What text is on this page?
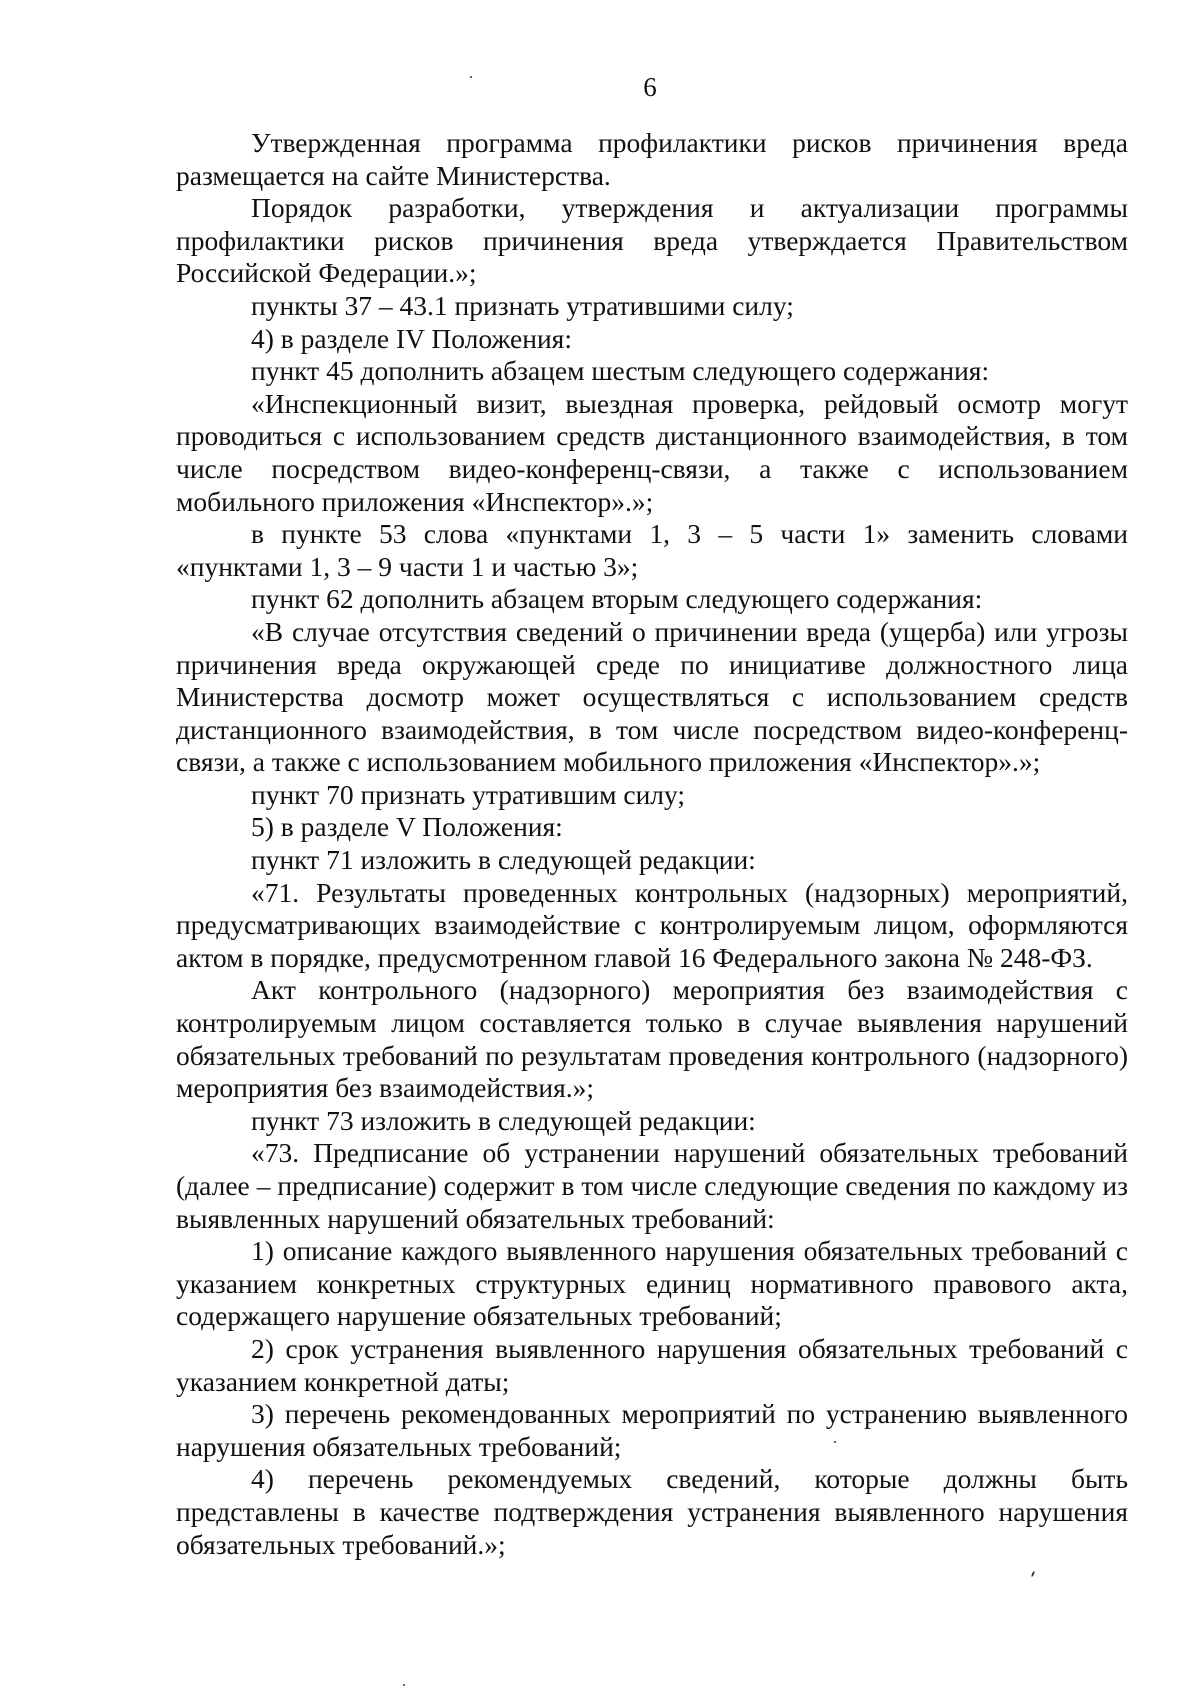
6

Утвержденная программа профилактики рисков причинения вреда размещается на сайте Министерства.

Порядок разработки, утверждения и актуализации программы профилактики рисков причинения вреда утверждается Правительством Российской Федерации.»;

пункты 37 – 43.1 признать утратившими силу;

4) в разделе IV Положения:

пункт 45 дополнить абзацем шестым следующего содержания:

«Инспекционный визит, выездная проверка, рейдовый осмотр могут проводиться с использованием средств дистанционного взаимодействия, в том числе посредством видео-конференц-связи, а также с использованием мобильного приложения «Инспектор».»;

в пункте 53 слова «пунктами 1, 3 – 5 части 1» заменить словами «пунктами 1, 3 – 9 части 1 и частью 3»;

пункт 62 дополнить абзацем вторым следующего содержания:

«В случае отсутствия сведений о причинении вреда (ущерба) или угрозы причинения вреда окружающей среде по инициативе должностного лица Министерства досмотр может осуществляться с использованием средств дистанционного взаимодействия, в том числе посредством видео-конференц-связи, а также с использованием мобильного приложения «Инспектор».»;

пункт 70 признать утратившим силу;

5) в разделе V Положения:

пункт 71 изложить в следующей редакции:

«71. Результаты проведенных контрольных (надзорных) мероприятий, предусматривающих взаимодействие с контролируемым лицом, оформляются актом в порядке, предусмотренном главой 16 Федерального закона № 248-ФЗ.

Акт контрольного (надзорного) мероприятия без взаимодействия с контролируемым лицом составляется только в случае выявления нарушений обязательных требований по результатам проведения контрольного (надзорного) мероприятия без взаимодействия.»;

пункт 73 изложить в следующей редакции:

«73. Предписание об устранении нарушений обязательных требований (далее – предписание) содержит в том числе следующие сведения по каждому из выявленных нарушений обязательных требований:

1) описание каждого выявленного нарушения обязательных требований с указанием конкретных структурных единиц нормативного правового акта, содержащего нарушение обязательных требований;

2) срок устранения выявленного нарушения обязательных требований с указанием конкретной даты;

3) перечень рекомендованных мероприятий по устранению выявленного нарушения обязательных требований;

4) перечень рекомендуемых сведений, которые должны быть представлены в качестве подтверждения устранения выявленного нарушения обязательных требований.»;
